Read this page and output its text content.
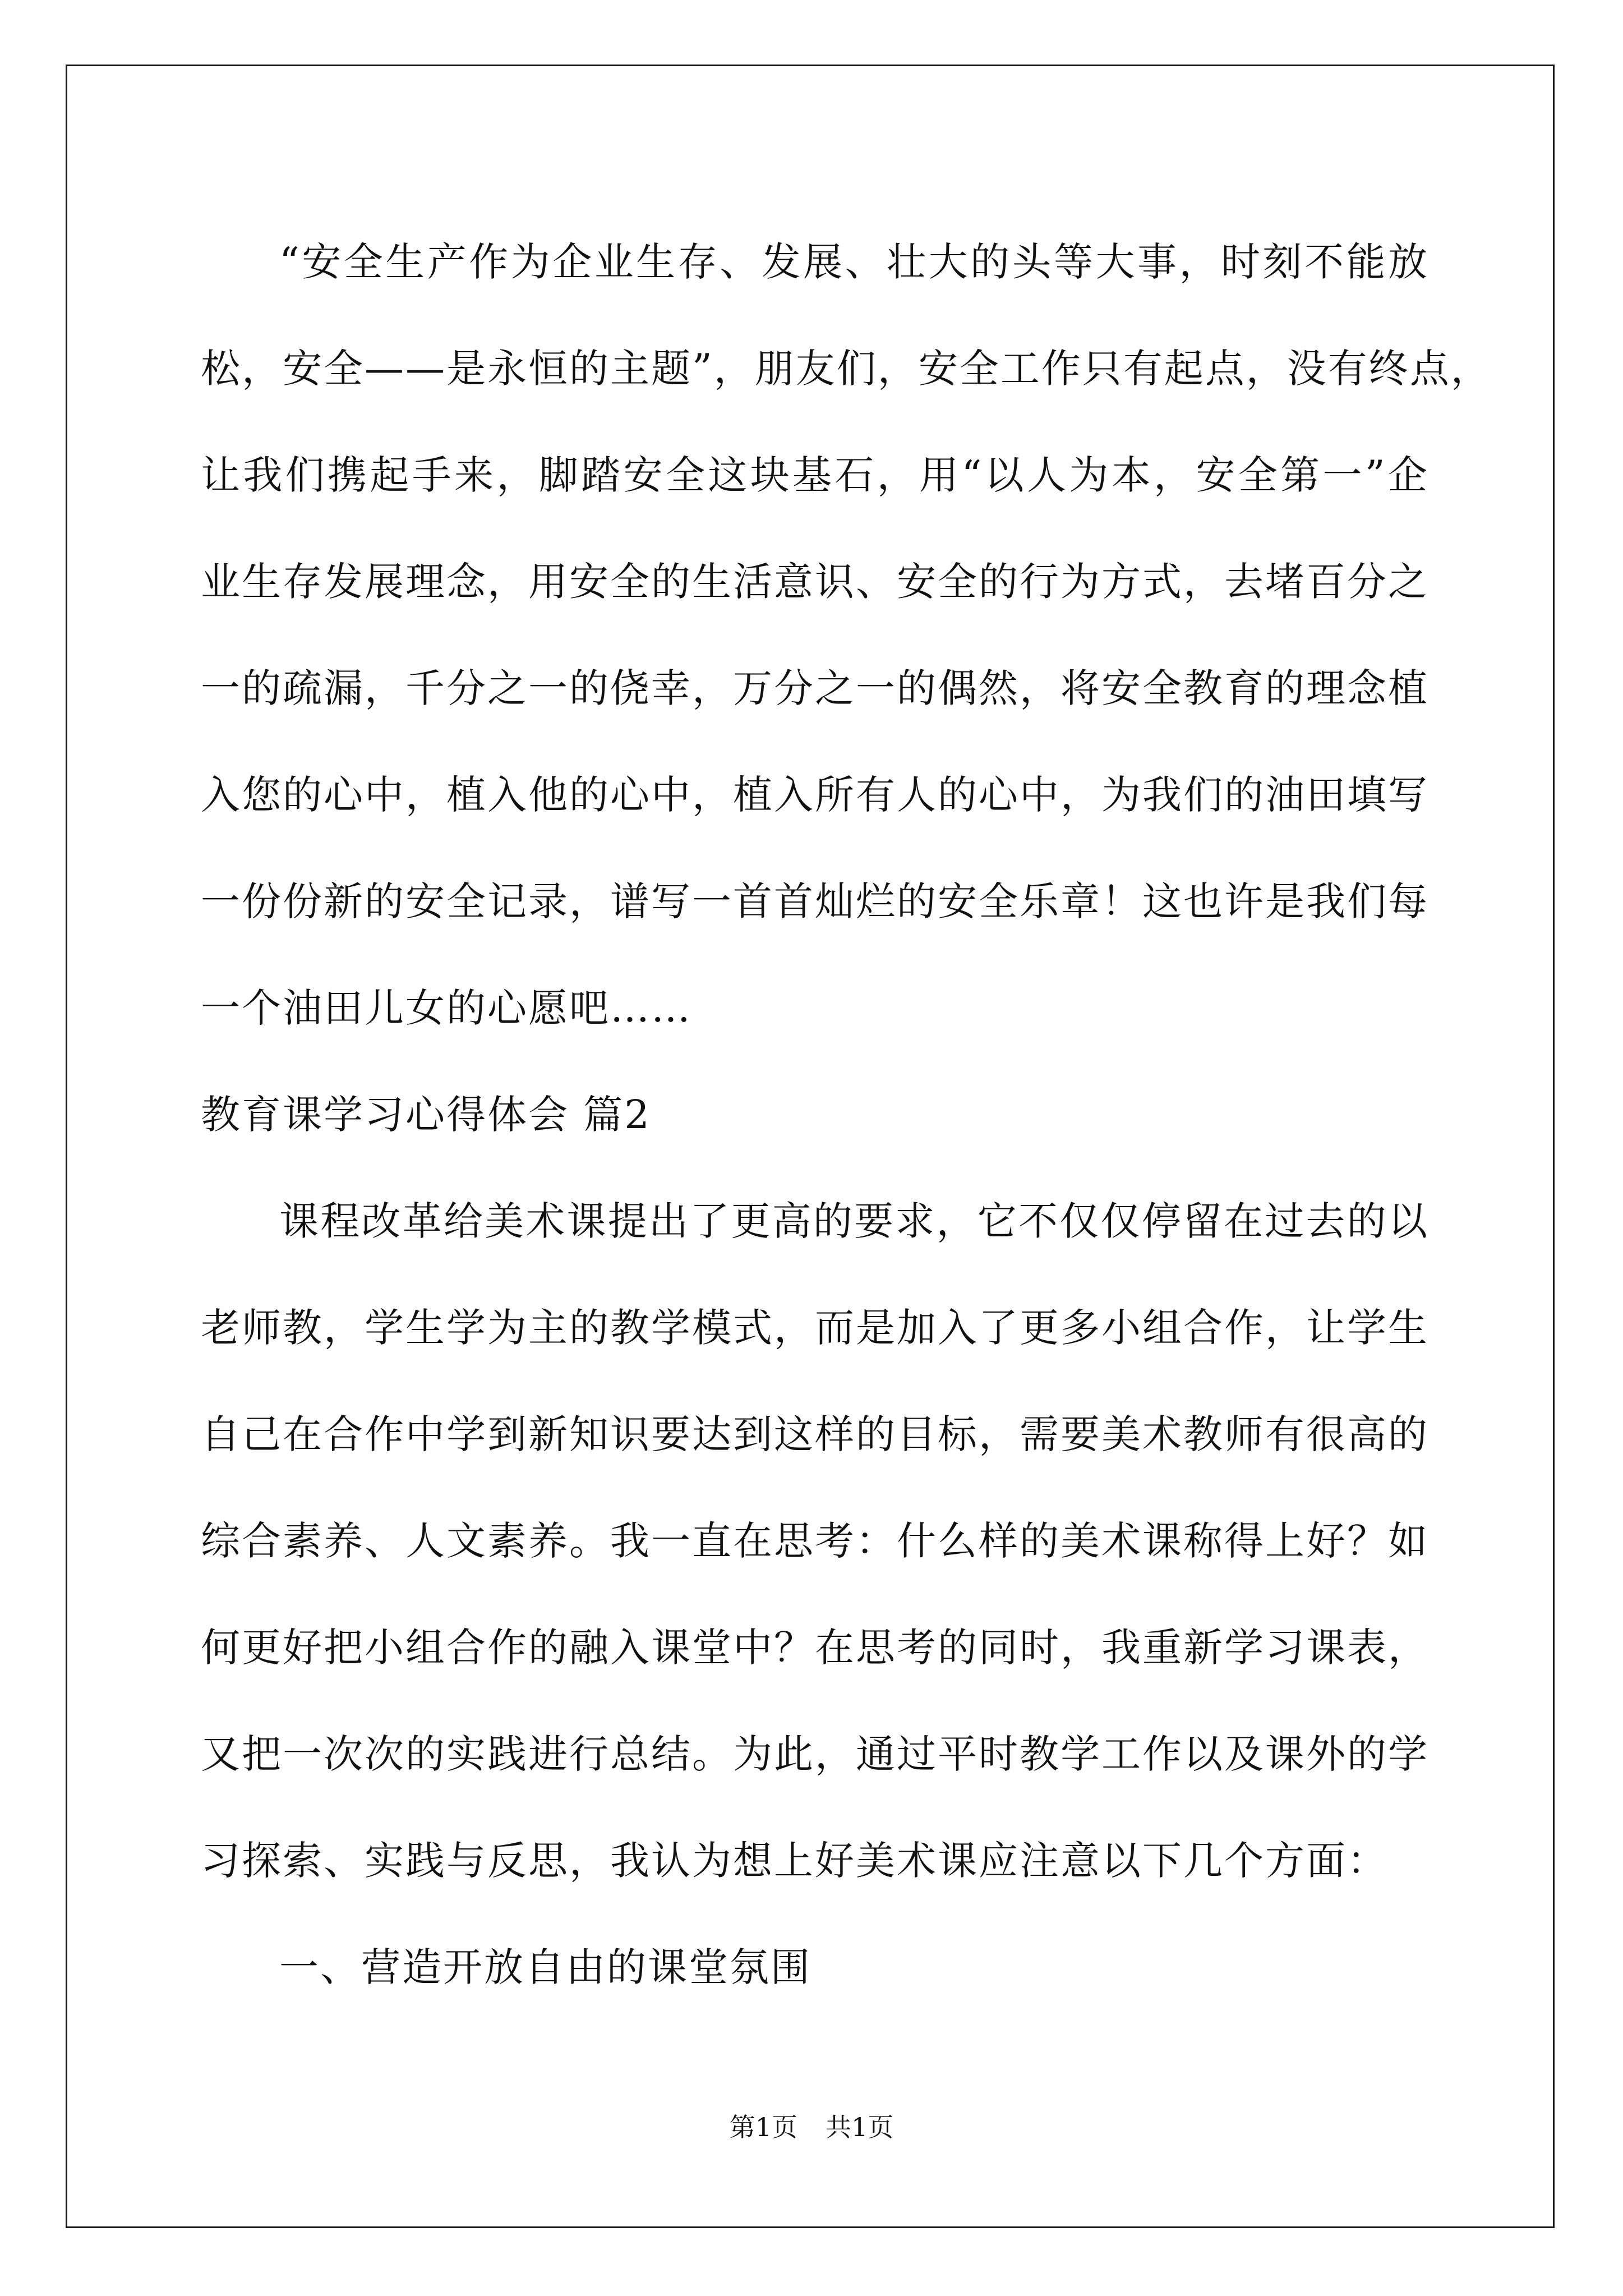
“安全生产作为企业生存、发展、壮大的头等大事，时刻不能放
松，安全——是永恒的主题”，朋友们，安全工作只有起点，没有终点，
让我们携起手来，脚踏安全这块基石，用“以人为本，安全第一”企
业生存发展理念，用安全的生活意识、安全的行为方式，去堵百分之
一的疏漏，千分之一的侥幸，万分之一的偶然，将安全教育的理念植
入您的心中，植入他的心中，植入所有人的心中，为我们的油田填写
一份份新的安全记录，谱写一首首灿烂的安全乐章！这也许是我们每
一个油田儿女的心愿吧……
教育课学习心得体会 篇2
课程改革给美术课提出了更高的要求，它不仅仅停留在过去的以
老师教，学生学为主的教学模式，而是加入了更多小组合作，让学生
自己在合作中学到新知识要达到这样的目标，需要美术教师有很高的
综合素养、人文素养。我一直在思考：什么样的美术课称得上好？如
何更好把小组合作的融入课堂中？在思考的同时，我重新学习课表，
又把一次次的实践进行总结。为此，通过平时教学工作以及课外的学
习探索、实践与反思，我认为想上好美术课应注意以下几个方面：
一、营造开放自由的课堂氛围
第1页 共1页
